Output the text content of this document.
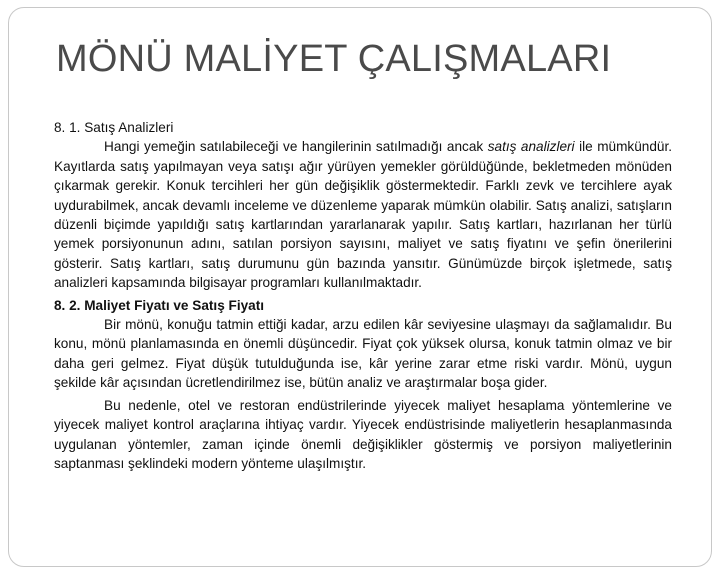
MÖNÜ MALİYET ÇALIŞMALARI

8. 1. Satış Analizleri

Hangi yemeğin satılabileceği ve hangilerinin satılmadığı ancak satış analizleri ile mümkündür. Kayıtlarda satış yapılmayan veya satışı ağır yürüyen yemekler görüldüğünde, bekletmeden mönüden çıkarmak gerekir. Konuk tercihleri her gün değişiklik göstermektedir. Farklı zevk ve tercihlere ayak uydurabilmek, ancak devamlı inceleme ve düzenleme yaparak mümkün olabilir. Satış analizi, satışların düzenli biçimde yapıldığı satış kartlarından yararlanarak yapılır. Satış kartları, hazırlanan her türlü yemek porsiyonunun adını, satılan porsiyon sayısını, maliyet ve satış fiyatını ve şefin önerilerini gösterir. Satış kartları, satış durumunu gün bazında yansıtır. Günümüzde birçok işletmede, satış analizleri kapsamında bilgisayar programları kullanılmaktadır.

8. 2. Maliyet Fiyatı ve Satış Fiyatı

Bir mönü, konuğu tatmin ettiği kadar, arzu edilen kâr seviyesine ulaşmayı da sağlamalıdır. Bu konu, mönü planlamasında en önemli düşüncedir. Fiyat çok yüksek olursa, konuk tatmin olmaz ve bir daha geri gelmez. Fiyat düşük tutulduğunda ise, kâr yerine zarar etme riski vardır. Mönü, uygun şekilde kâr açısından ücretlendirilmez ise, bütün analiz ve araştırmalar boşa gider.

Bu nedenle, otel ve restoran endüstrilerinde yiyecek maliyet hesaplama yöntemlerine ve yiyecek maliyet kontrol araçlarına ihtiyaç vardır. Yiyecek endüstrisinde maliyetlerin hesaplanmasında uygulanan yöntemler, zaman içinde önemli değişiklikler göstermiş ve porsiyon maliyetlerinin saptanması şeklindeki modern yönteme ulaşılmıştır.
